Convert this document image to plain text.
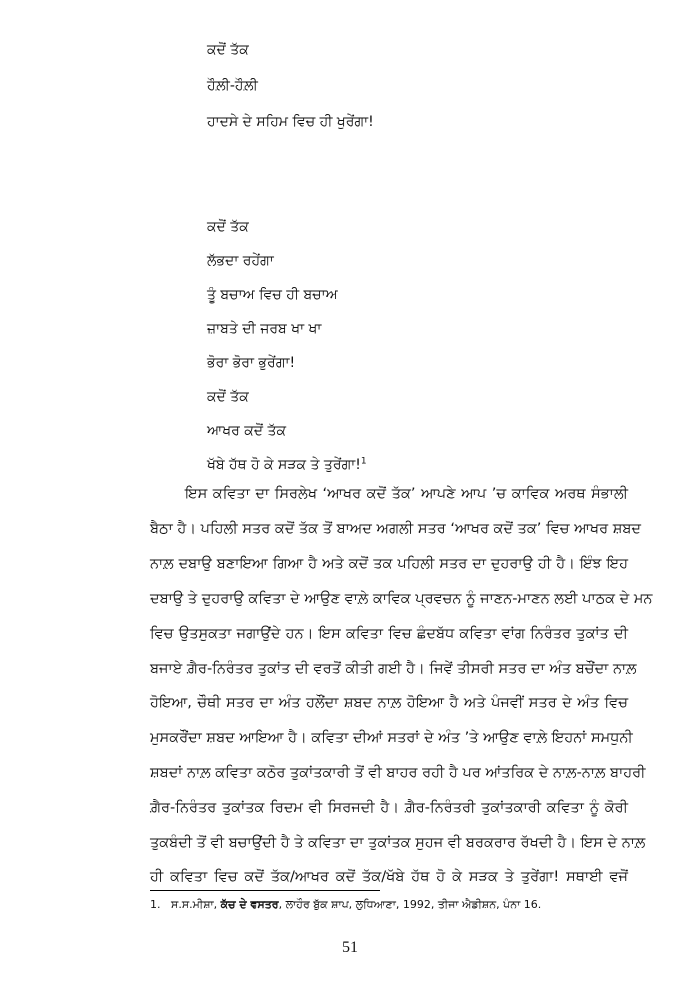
ਕਦੋਂ ਤੱਕ
ਹੌਲ਼ੀ-ਹੌਲ਼ੀ
ਹਾਦਸੇ ਦੇ ਸਹਿਮ ਵਿਚ ਹੀ ਖੁਰੇਂਗਾ!
ਕਦੋਂ ਤੱਕ
ਲੱਭਦਾ ਰਹੇਂਗਾ
ਤੂੰ ਬਚਾਅ ਵਿਚ ਹੀ ਬਚਾਅ
ਜ਼ਾਬਤੇ ਦੀ ਜਰਬ ਖਾ ਖਾ
ਭੋਰਾ ਭੋਰਾ ਭੁਰੇਂਗਾ!
ਕਦੋਂ ਤੱਕ
ਆਖਰ ਕਦੋਂ ਤੱਕ
ਖੱਬੇ ਹੱਥ ਹੋ ਕੇ ਸੜਕ ਤੇ ਤੁਰੇਂਗਾ!$^1$
ਇਸ ਕਵਿਤਾ ਦਾ ਸਿਰਲੇਖ ‘ਆਖਰ ਕਦੋਂ ਤੱਕ’ ਆਪਣੇ ਆਪ ’ਚ ਕਾਵਿਕ ਅਰਥ ਸੰਭਾਲੀ
ਬੈਠਾ ਹੈ। ਪਹਿਲੀ ਸਤਰ ਕਦੋਂ ਤੱਕ ਤੋਂ ਬਾਅਦ ਅਗਲੀ ਸਤਰ ‘ਆਖਰ ਕਦੋਂ ਤਕ’ ਵਿਚ ਆਖਰ ਸ਼ਬਦ
ਨਾਲ਼ ਦਬਾਉ ਬਣਾਇਆ ਗਿਆ ਹੈ ਅਤੇ ਕਦੋਂ ਤਕ ਪਹਿਲੀ ਸਤਰ ਦਾ ਦੁਹਰਾਉ ਹੀ ਹੈ। ਇੰਝ ਇਹ
ਦਬਾਉ ਤੇ ਦੁਹਰਾਉ ਕਵਿਤਾ ਦੇ ਆਉਣ ਵਾਲ਼ੇ ਕਾਵਿਕ ਪ੍ਰਵਚਨ ਨੂੰ ਜਾਣਨ-ਮਾਣਨ ਲਈ ਪਾਠਕ ਦੇ ਮਨ
ਵਿਚ ਉਤਸੁਕਤਾ ਜਗਾਉਂਦੇ ਹਨ। ਇਸ ਕਵਿਤਾ ਵਿਚ ਛੰਦਬੱਧ ਕਵਿਤਾ ਵਾਂਗ ਨਿਰੰਤਰ ਤੁਕਾਂਤ ਦੀ
ਬਜਾਏ ਗ਼ੈਰ-ਨਿਰੰਤਰ ਤੁਕਾਂਤ ਦੀ ਵਰਤੋਂ ਕੀਤੀ ਗਈ ਹੈ। ਜਿਵੇਂ ਤੀਸਰੀ ਸਤਰ ਦਾ ਅੰਤ ਬਚੌਂਦਾ ਨਾਲ਼
ਹੋਇਆ, ਚੌਥੀ ਸਤਰ ਦਾ ਅੰਤ ਹਲੌਂਦਾ ਸ਼ਬਦ ਨਾਲ਼ ਹੋਇਆ ਹੈ ਅਤੇ ਪੰਜਵੀਂ ਸਤਰ ਦੇ ਅੰਤ ਵਿਚ
ਮੁਸਕਰੌਂਦਾ ਸ਼ਬਦ ਆਇਆ ਹੈ। ਕਵਿਤਾ ਦੀਆਂ ਸਤਰਾਂ ਦੇ ਅੰਤ ’ਤੇ ਆਉਣ ਵਾਲ਼ੇ ਇਹਨਾਂ ਸਮਧੁਨੀ
ਸ਼ਬਦਾਂ ਨਾਲ਼ ਕਵਿਤਾ ਕਠੋਰ ਤੁਕਾਂਤਕਾਰੀ ਤੋਂ ਵੀ ਬਾਹਰ ਰਹੀ ਹੈ ਪਰ ਆਂਤਰਿਕ ਦੇ ਨਾਲ਼-ਨਾਲ਼ ਬਾਹਰੀ
ਗ਼ੈਰ-ਨਿਰੰਤਰ ਤੁਕਾਂਤਕ ਰਿਦਮ ਵੀ ਸਿਰਜਦੀ ਹੈ। ਗ਼ੈਰ-ਨਿਰੰਤਰੀ ਤੁਕਾਂਤਕਾਰੀ ਕਵਿਤਾ ਨੂੰ ਕੋਰੀ
ਤੁਕਬੰਦੀ ਤੋਂ ਵੀ ਬਚਾਉਂਦੀ ਹੈ ਤੇ ਕਵਿਤਾ ਦਾ ਤੁਕਾਂਤਕ ਸੁਹਜ ਵੀ ਬਰਕਰਾਰ ਰੱਖਦੀ ਹੈ। ਇਸ ਦੇ ਨਾਲ਼
ਹੀ ਕਵਿਤਾ ਵਿਚ ਕਦੋਂ ਤੱਕ/ਆਖਰ ਕਦੋਂ ਤੱਕ/ਖੱਬੇ ਹੱਥ ਹੋ ਕੇ ਸੜਕ ਤੇ ਤੁਰੇਂਗਾ! ਸਥਾਈ ਵਜੋਂ
1. ਸ.ਸ.ਮੀਸ਼ਾ, ਕੱਚ ਦੇ ਵਸਤਰ, ਲਾਹੌਰ ਬੁੱਕ ਸ਼ਾਪ, ਲੁਧਿਆਣਾ, 1992, ਤੀਜਾ ਐਡੀਸ਼ਨ, ਪੰਨਾ 16.
51
